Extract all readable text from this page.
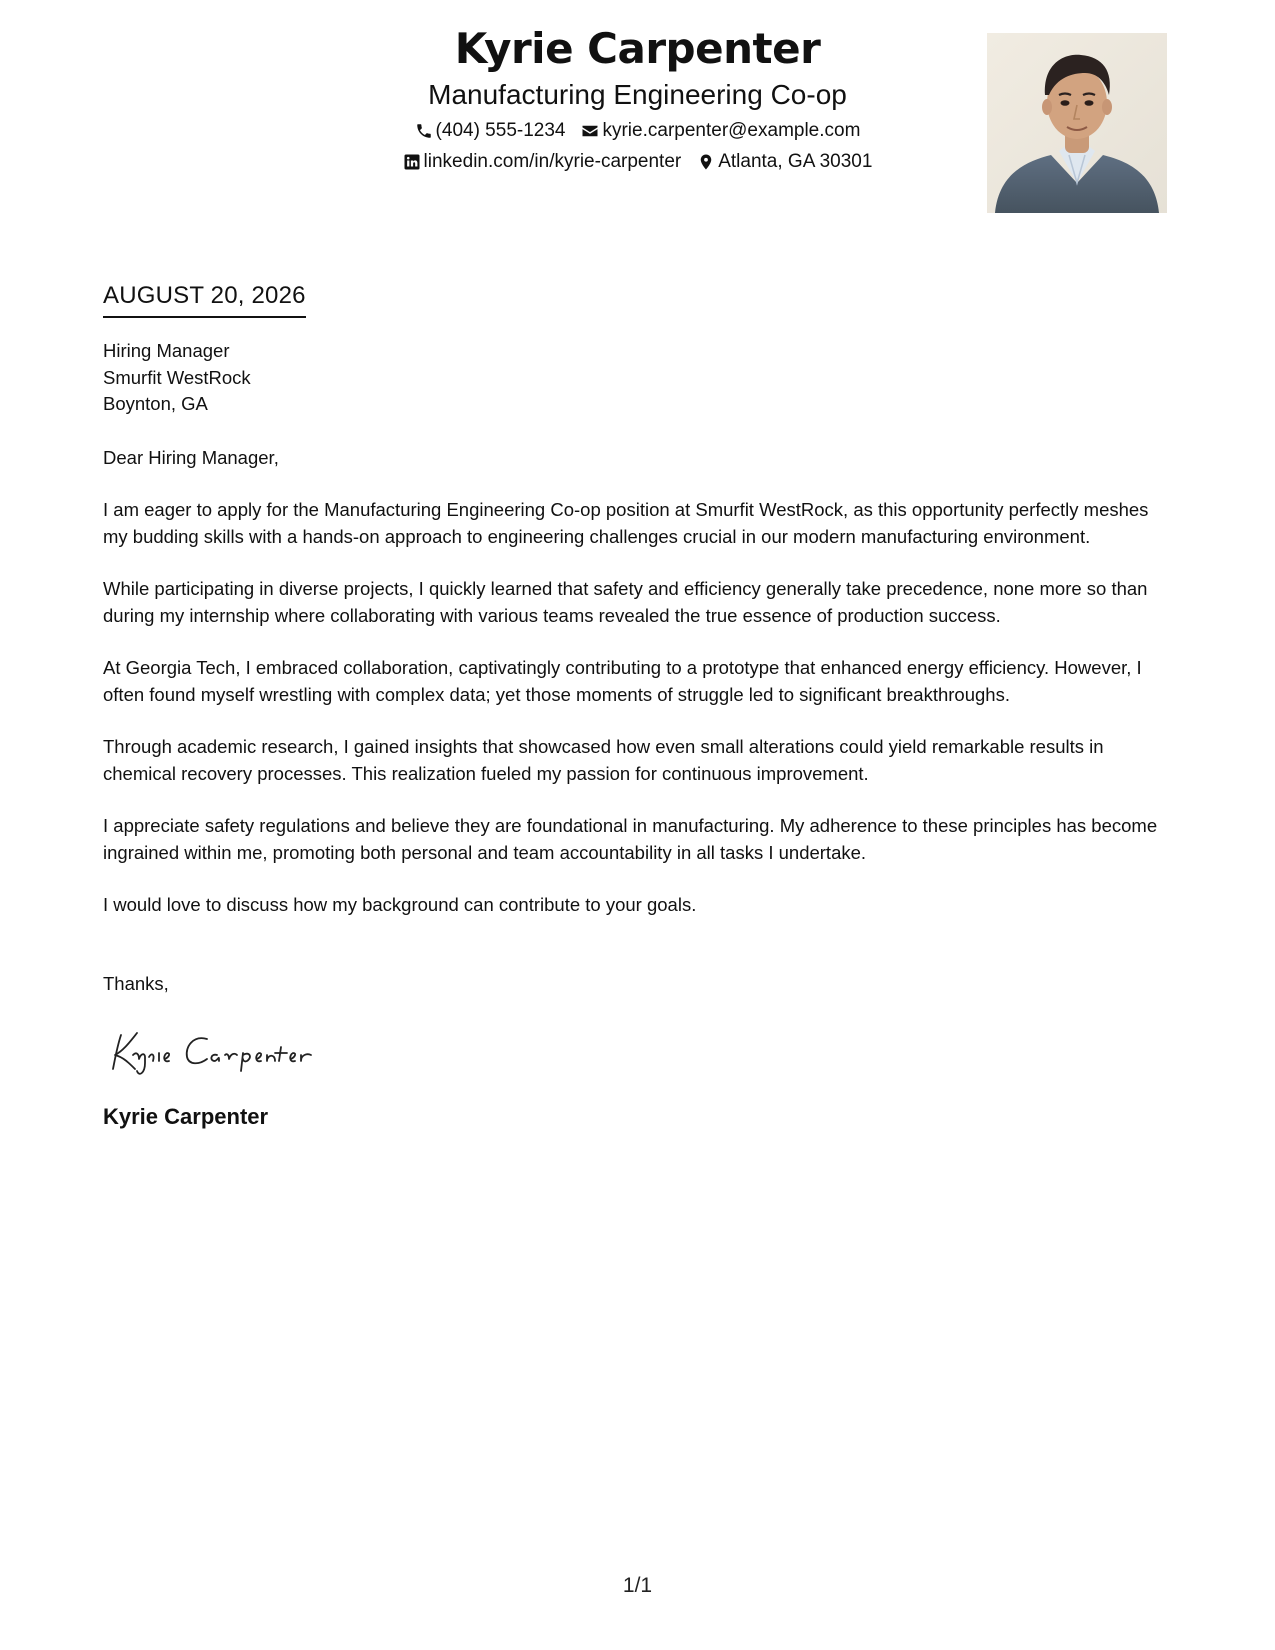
Kyrie Carpenter
Manufacturing Engineering Co-op
(404) 555-1234 kyrie.carpenter@example.com
linkedin.com/in/kyrie-carpenter Atlanta, GA 30301
AUGUST 20, 2026
Hiring Manager
Smurfit WestRock
Boynton, GA
Dear Hiring Manager,
I am eager to apply for the Manufacturing Engineering Co-op position at Smurfit WestRock, as this opportunity perfectly meshes my budding skills with a hands-on approach to engineering challenges crucial in our modern manufacturing environment.
While participating in diverse projects, I quickly learned that safety and efficiency generally take precedence, none more so than during my internship where collaborating with various teams revealed the true essence of production success.
At Georgia Tech, I embraced collaboration, captivatingly contributing to a prototype that enhanced energy efficiency. However, I often found myself wrestling with complex data; yet those moments of struggle led to significant breakthroughs.
Through academic research, I gained insights that showcased how even small alterations could yield remarkable results in chemical recovery processes. This realization fueled my passion for continuous improvement.
I appreciate safety regulations and believe they are foundational in manufacturing. My adherence to these principles has become ingrained within me, promoting both personal and team accountability in all tasks I undertake.
I would love to discuss how my background can contribute to your goals.
Thanks,
Kyrie Carpenter
1/1
